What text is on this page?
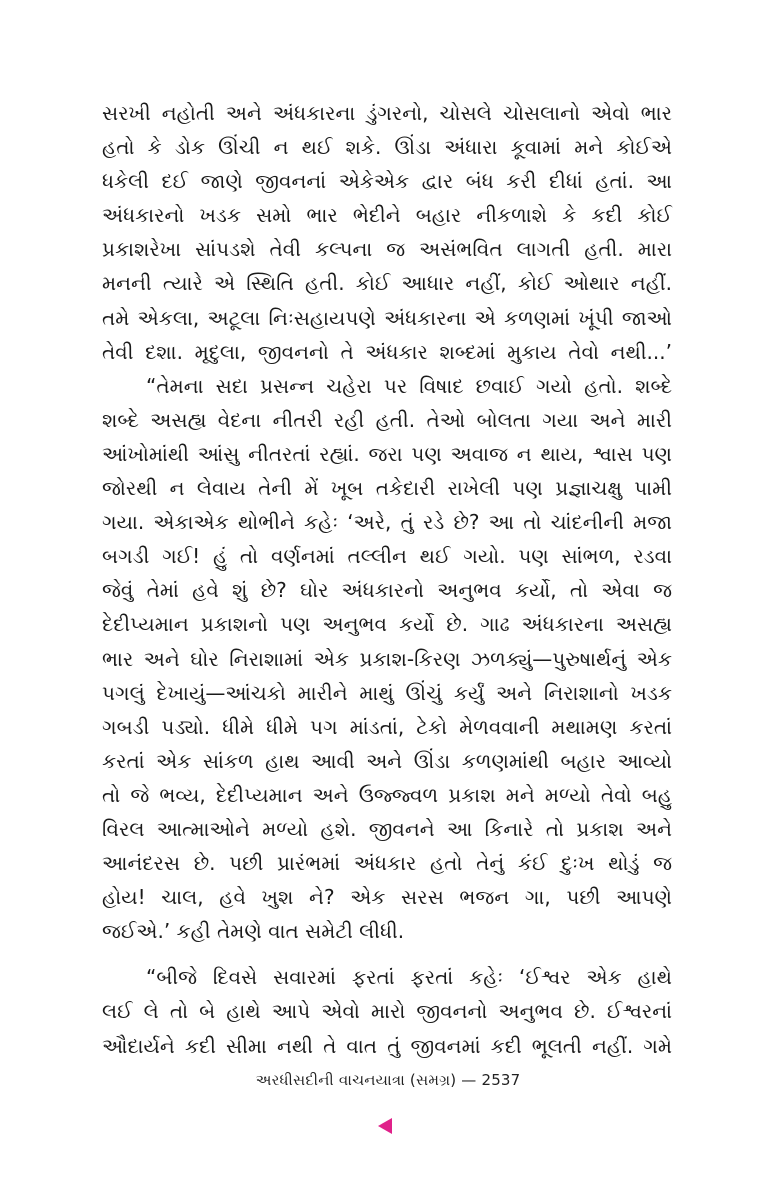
સરખી નહોતી અને અંધકારના ડુંગરનો, ચોસલે ચોસલાનો એવો ભાર
હતો કે ડોક ઊંચી ન થઈ શકે. ઊંડા અંધારા કૂવામાં મને કોઈએ
ધકેલી દઈ જાણે જીવનનાં એકેએક દ્વાર બંધ કરી દીધાં હતાં. આ
અંધકારનો ખડક સમો ભાર ભેદીને બહાર નીકળાશે કે કદી કોઈ
પ્રકાશરેખા સાંપડશે તેવી કલ્પના જ અસંભવિત લાગતી હતી. મારા
મનની ત્યારે એ સ્થિતિ હતી. કોઈ આધાર નહીં, કોઈ ઓથાર નહીં.
તમે એકલા, અટૂલા નિઃસહાયપણે અંધકારના એ કળણમાં ખૂંપી જાઓ
તેવી દશા. મૃદુલા, જીવનનો તે અંધકાર શબ્દમાં મુકાય તેવો નથી...’
“તેમના સદા પ્રસન્ન ચહેરા પર વિષાદ છવાઈ ગયો હતો. શબ્દે
શબ્દે અસહ્ય વેદના નીતરી રહી હતી. તેઓ બોલતા ગયા અને મારી
આંખોમાંથી આંસુ નીતરતાં રહ્યાં. જરા પણ અવાજ ન થાય, શ્વાસ પણ
જોરથી ન લેવાય તેની મેં ખૂબ તકેદારી રાખેલી પણ પ્રજ્ઞાચક્ષુ પામી
ગયા. એકાએક થોભીને કહેઃ ‘અરે, તું રડે છે? આ તો ચાંદનીની મજા
બગડી ગઈ! હું તો વર્ણનમાં તલ્લીન થઈ ગયો. પણ સાંભળ, રડવા
જેવું તેમાં હવે શું છે? ઘોર અંધકારનો અનુભવ કર્યો, તો એવા જ
દેદીપ્યમાન પ્રકાશનો પણ અનુભવ કર્યો છે. ગાઢ અંધકારના અસહ્ય
ભાર અને ઘોર નિરાશામાં એક પ્રકાશ-કિરણ ઝળક્યું—પુરુષાર્થનું એક
પગલું દેખાયું—આંચકો મારીને માથું ઊંચું કર્યું અને નિરાશાનો ખડક
ગબડી પડ્યો. ધીમે ધીમે પગ માંડતાં, ટેકો મેળવવાની મથામણ કરતાં
કરતાં એક સાંકળ હાથ આવી અને ઊંડા કળણમાંથી બહાર આવ્યો
તો જે ભવ્ય, દેદીપ્યમાન અને ઉજ્જ્વળ પ્રકાશ મને મળ્યો તેવો બહુ
વિરલ આત્માઓને મળ્યો હશે. જીવનને આ કિનારે તો પ્રકાશ અને
આનંદરસ છે. પછી પ્રારંભમાં અંધકાર હતો તેનું કંઈ દુઃખ થોડું જ
હોય! ચાલ, હવે ખુશ ને? એક સરસ ભજન ગા, પછી આપણે
જઈએ.’ કહી તેમણે વાત સમેટી લીધી.
“બીજે દિવસે સવારમાં ફરતાં ફરતાં કહેઃ ‘ઈશ્વર એક હાથે
લઈ લે તો બે હાથે આપે એવો મારો જીવનનો અનુભવ છે. ઈશ્વરનાં
ઔદાર્યને કદી સીમા નથી તે વાત તું જીવનમાં કદી ભૂલતી નહીં. ગમે
અરધીસદીની વાચનયાત્રા (સમગ્ર) — 2537
